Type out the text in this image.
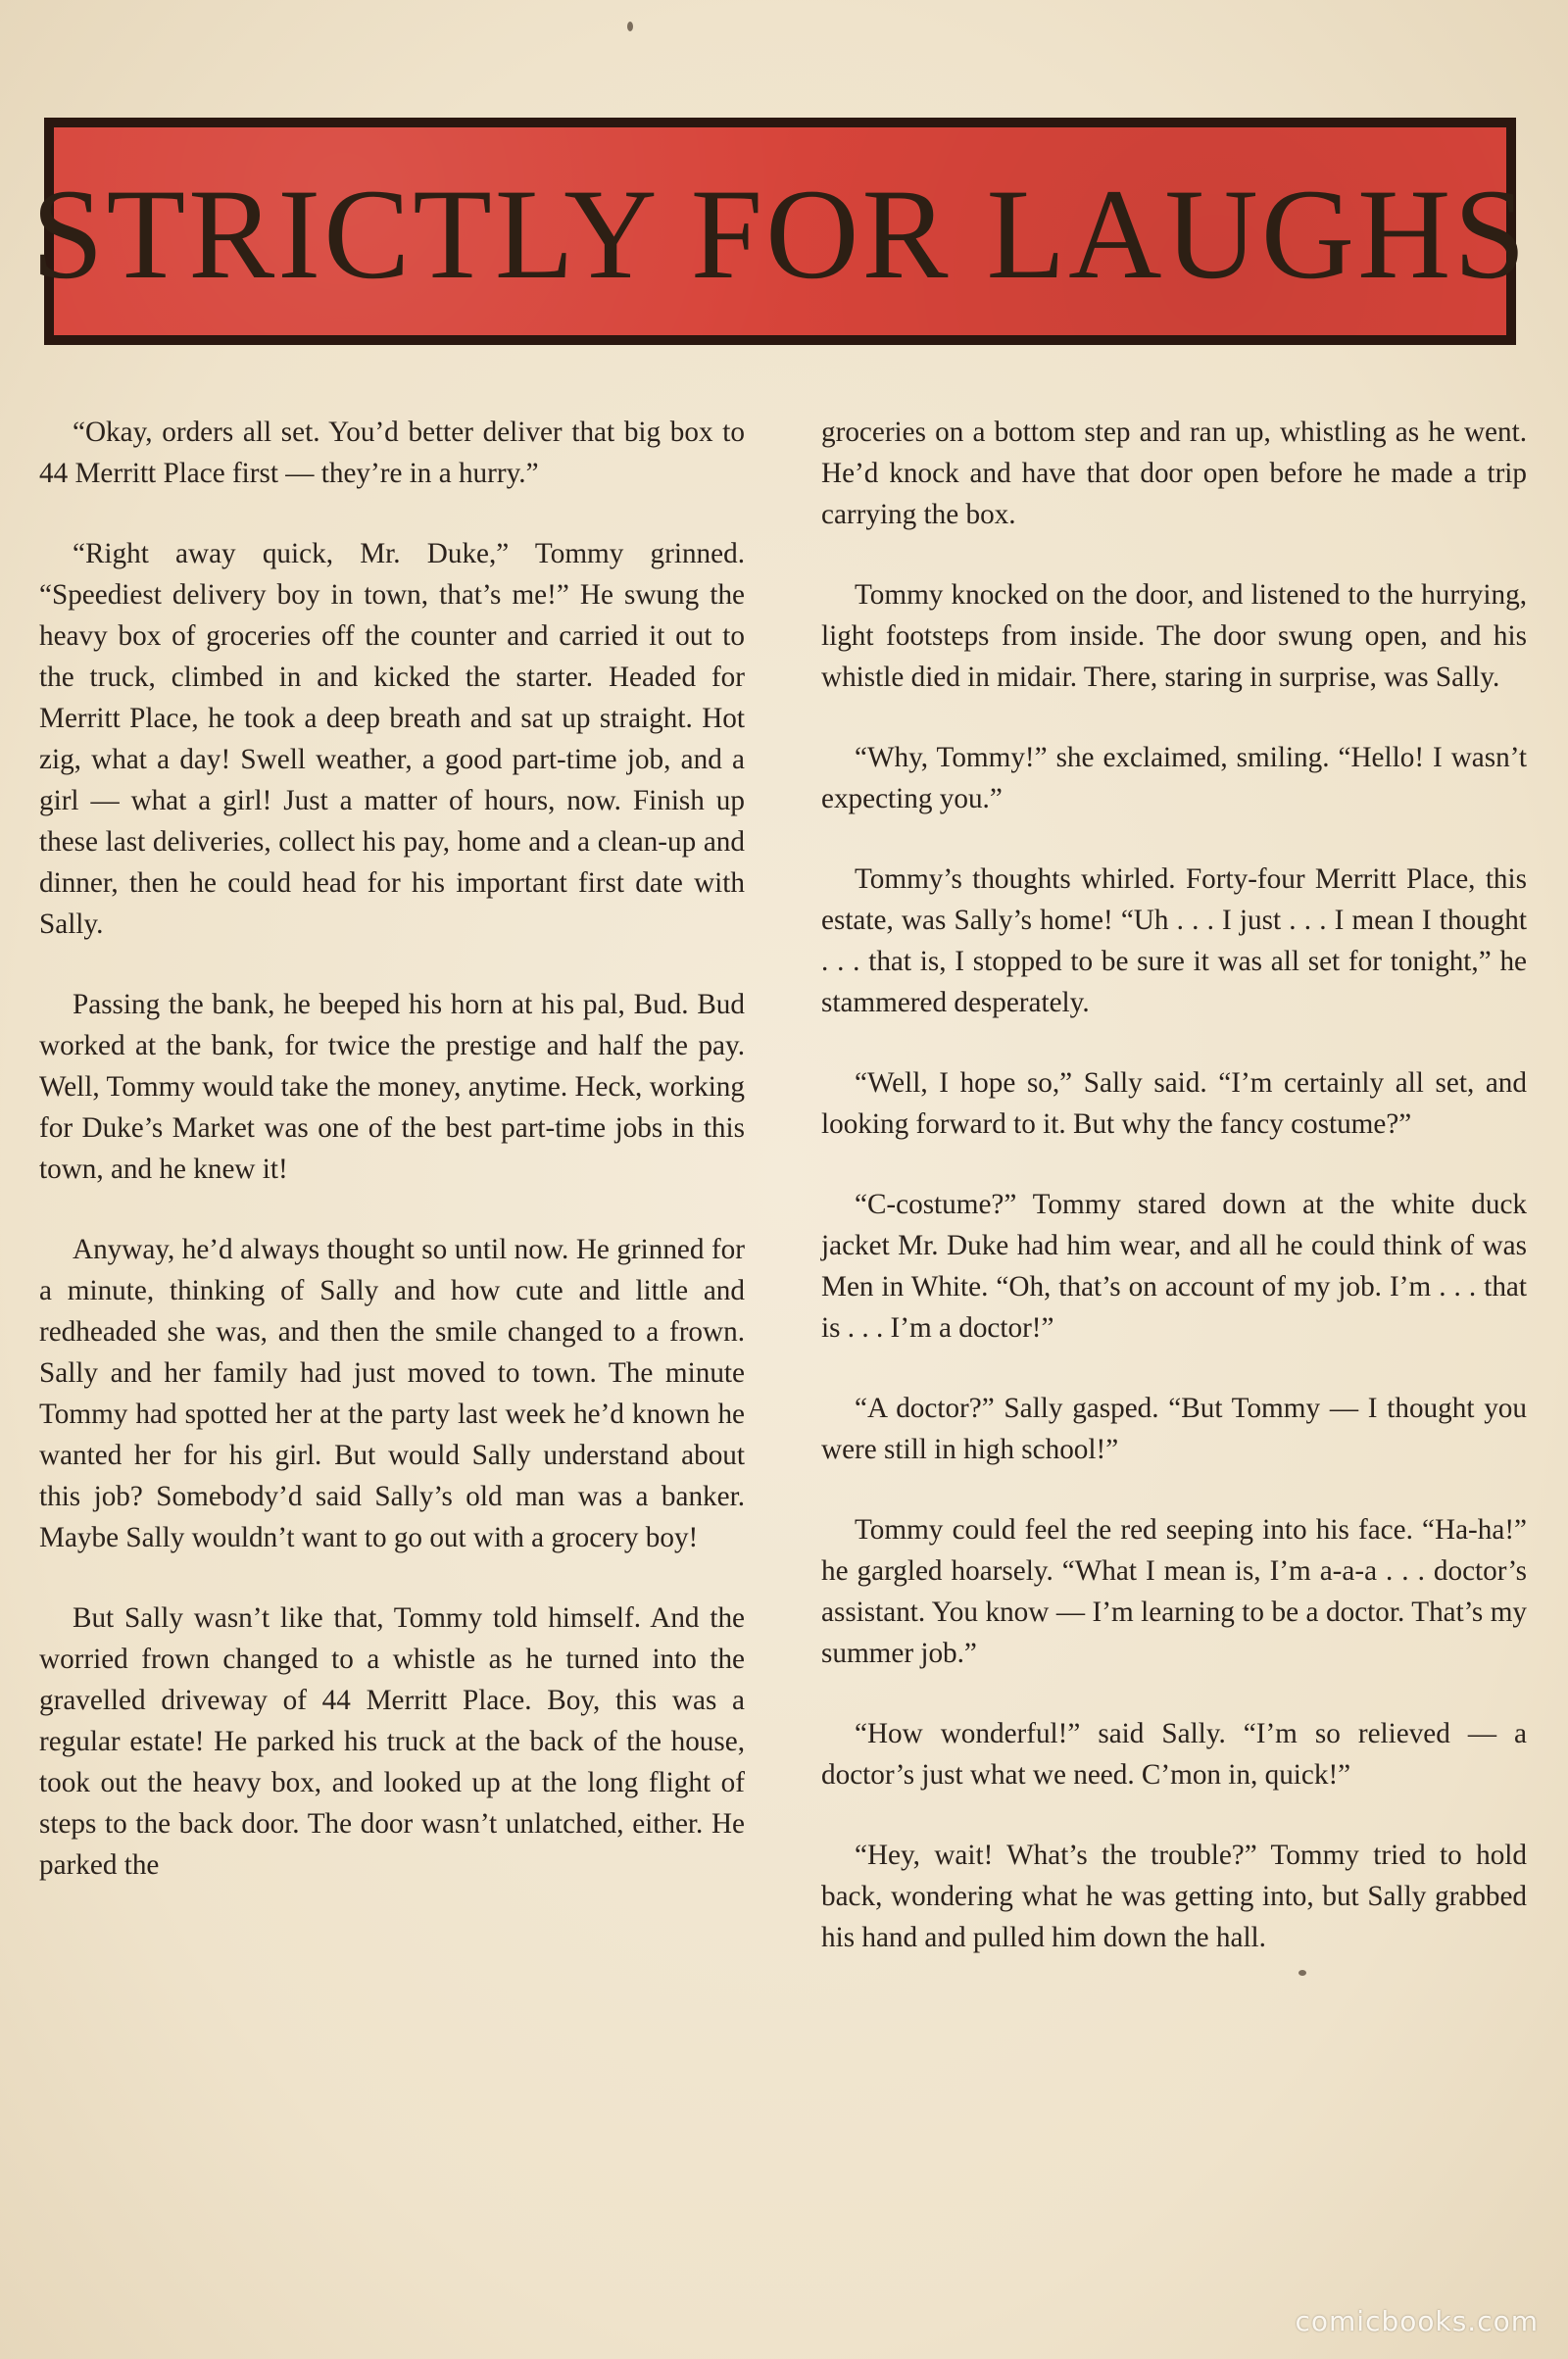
STRICTLY FOR LAUGHS

“Okay, orders all set. You’d better deliver that big box to 44 Merritt Place first — they’re in a hurry.”

“Right away quick, Mr. Duke,” Tommy grinned. “Speediest delivery boy in town, that’s me!” He swung the heavy box of groceries off the counter and carried it out to the truck, climbed in and kicked the starter. Headed for Merritt Place, he took a deep breath and sat up straight. Hot zig, what a day! Swell weather, a good part-time job, and a girl — what a girl! Just a matter of hours, now. Finish up these last deliveries, collect his pay, home and a clean-up and dinner, then he could head for his important first date with Sally.

Passing the bank, he beeped his horn at his pal, Bud. Bud worked at the bank, for twice the prestige and half the pay. Well, Tommy would take the money, anytime. Heck, working for Duke’s Market was one of the best part-time jobs in this town, and he knew it!

Anyway, he’d always thought so until now. He grinned for a minute, thinking of Sally and how cute and little and redheaded she was, and then the smile changed to a frown. Sally and her family had just moved to town. The minute Tommy had spotted her at the party last week he’d known he wanted her for his girl. But would Sally understand about this job? Somebody’d said Sally’s old man was a banker. Maybe Sally wouldn’t want to go out with a grocery boy!

But Sally wasn’t like that, Tommy told himself. And the worried frown changed to a whistle as he turned into the gravelled driveway of 44 Merritt Place. Boy, this was a regular estate! He parked his truck at the back of the house, took out the heavy box, and looked up at the long flight of steps to the back door. The door wasn’t unlatched, either. He parked the

groceries on a bottom step and ran up, whistling as he went. He’d knock and have that door open before he made a trip carrying the box.

Tommy knocked on the door, and listened to the hurrying, light footsteps from inside. The door swung open, and his whistle died in midair. There, staring in surprise, was Sally.

“Why, Tommy!” she exclaimed, smiling. “Hello! I wasn’t expecting you.”

Tommy’s thoughts whirled. Forty-four Merritt Place, this estate, was Sally’s home! “Uh . . . I just . . . I mean I thought . . . that is, I stopped to be sure it was all set for tonight,” he stammered desperately.

“Well, I hope so,” Sally said. “I’m certainly all set, and looking forward to it. But why the fancy costume?”

“C-costume?” Tommy stared down at the white duck jacket Mr. Duke had him wear, and all he could think of was Men in White. “Oh, that’s on account of my job. I’m . . . that is . . . I’m a doctor!”

“A doctor?” Sally gasped. “But Tommy — I thought you were still in high school!”

Tommy could feel the red seeping into his face. “Ha-ha!” he gargled hoarsely. “What I mean is, I’m a-a-a . . . doctor’s assistant. You know — I’m learning to be a doctor. That’s my summer job.”

“How wonderful!” said Sally. “I’m so relieved — a doctor’s just what we need. C’mon in, quick!”

“Hey, wait! What’s the trouble?” Tommy tried to hold back, wondering what he was getting into, but Sally grabbed his hand and pulled him down the hall.

comicbooks.com
